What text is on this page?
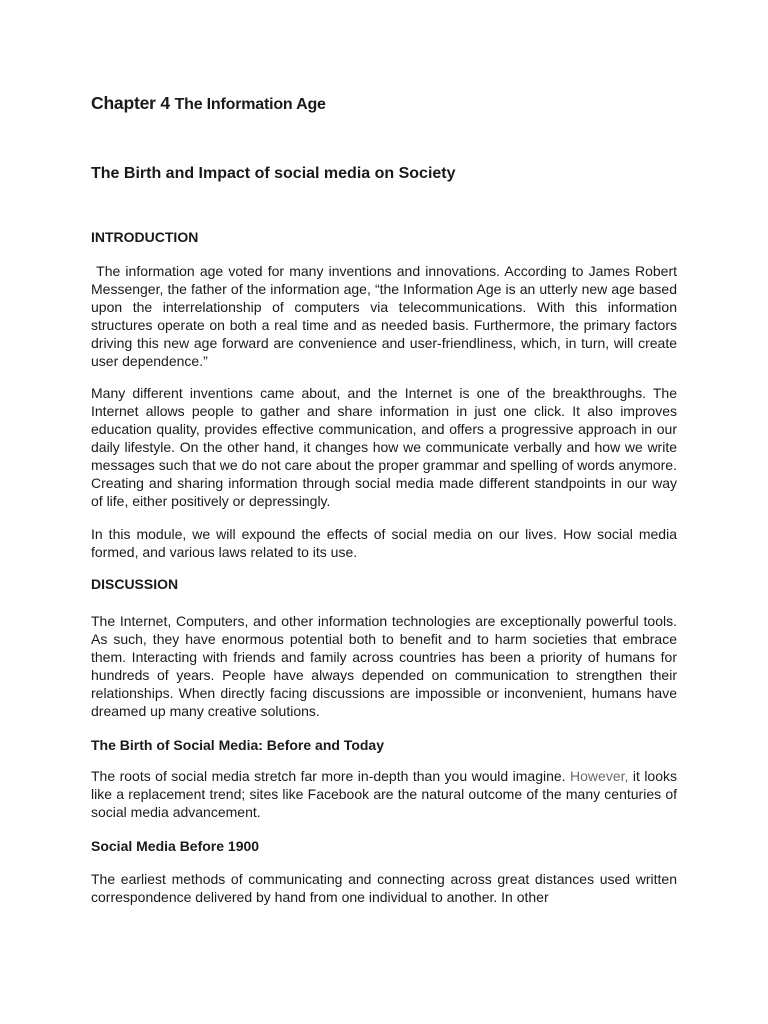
Chapter 4 The Information Age
The Birth and Impact of social media on Society
INTRODUCTION

The information age voted for many inventions and innovations. According to James Robert Messenger, the father of the information age, “the Information Age is an utterly new age based upon the interrelationship of computers via telecommunications. With this information structures operate on both a real time and as needed basis. Furthermore, the primary factors driving this new age forward are convenience and user-friendliness, which, in turn, will create user dependence.”

Many different inventions came about, and the Internet is one of the breakthroughs. The Internet allows people to gather and share information in just one click. It also improves education quality, provides effective communication, and offers a progressive approach in our daily lifestyle. On the other hand, it changes how we communicate verbally and how we write messages such that we do not care about the proper grammar and spelling of words anymore. Creating and sharing information through social media made different standpoints in our way of life, either positively or depressingly.

In this module, we will expound the effects of social media on our lives. How social media formed, and various laws related to its use.

DISCUSSION

The Internet, Computers, and other information technologies are exceptionally powerful tools. As such, they have enormous potential both to benefit and to harm societies that embrace them. Interacting with friends and family across countries has been a priority of humans for hundreds of years. People have always depended on communication to strengthen their relationships. When directly facing discussions are impossible or inconvenient, humans have dreamed up many creative solutions.

The Birth of Social Media: Before and Today

The roots of social media stretch far more in-depth than you would imagine. However, it looks like a replacement trend; sites like Facebook are the natural outcome of the many centuries of social media advancement.

Social Media Before 1900

The earliest methods of communicating and connecting across great distances used written correspondence delivered by hand from one individual to another. In other
